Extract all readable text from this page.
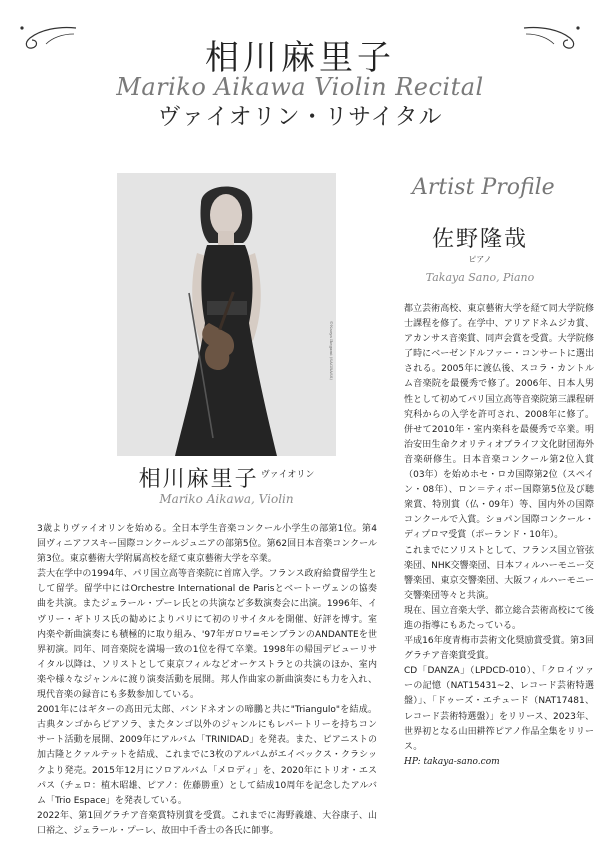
相川麻里子
Mariko Aikawa Violin Recital
ヴァイオリン・リサイタル
©Naoya Ikegami (SAGRASS)
相川麻里子 $^{ヴァイオリン}$
Mariko Aikawa, Violin
Artist Profile
佐野隆哉
ピアノ
Takaya Sano, Piano

都立芸術高校、東京藝術大学を経て同大学院修士課程を修了。在学中、アリアドネムジカ賞、アカンサス音楽賞、同声会賞を受賞。大学院修了時にベーゼンドルファー・コンサートに選出される。2005年に渡仏後、スコラ・カントルム音楽院を最優秀で修了。2006年、日本人男性として初めてパリ国立高等音楽院第三課程研究科からの入学を許可され、2008年に修了。併せて2010年・室内楽科を最優秀で卒業。明治安田生命クオリティオブライフ文化財団海外音楽研修生。日本音楽コンクール第2位入賞（03年）を始めホセ・ロカ国際第2位（スペイン・08年）、ロン＝ティボー国際第5位及び聴衆賞、特別賞（仏・09年）等、国内外の国際コンクールで入賞。ショパン国際コンクール・ディプロマ受賞（ポーランド・10年）。

これまでにソリストとして、フランス国立管弦楽団、NHK交響楽団、日本フィルハーモニー交響楽団、東京交響楽団、大阪フィルハーモニー交響楽団等々と共演。

現在、国立音楽大学、都立総合芸術高校にて後進の指導にもあたっている。

平成16年度青梅市芸術文化奨励賞受賞。第3回グラチア音楽賞受賞。

CD「DANZA」（LPDCD-010）、「クロイツァーの記憶（NAT15431~2、レコード芸術特選盤）」、「ドゥーズ・エチュード（NAT17481、レコード芸術特選盤）」をリリース、2023年、世界初となる山田耕筰ピアノ作品全集をリリース。

HP: takaya-sano.com

3歳よりヴァイオリンを始める。全日本学生音楽コンクール小学生の部第1位。第4回ヴィニアフスキー国際コンクールジュニアの部第5位。第62回日本音楽コンクール第3位。東京藝術大学附属高校を経て東京藝術大学を卒業。

芸大在学中の1994年、パリ国立高等音楽院に首席入学。フランス政府給費留学生として留学。留学中にはOrchestre International de Parisとベートーヴェンの協奏曲を共演。またジェラール・プーレ氏との共演など多数演奏会に出演。1996年、イヴリー・ギトリス氏の勧めによりパリにて初のリサイタルを開催、好評を博す。室内楽や新曲演奏にも積極的に取り組み、'97年ガロワ=モンブランのANDANTEを世界初演。同年、同音楽院を満場一致の1位を得て卒業。1998年の帰国デビューリサイタル以降は、ソリストとして東京フィルなどオーケストラとの共演のほか、室内楽や様々なジャンルに渡り演奏活動を展開。邦人作曲家の新曲演奏にも力を入れ、現代音楽の録音にも多数参加している。

2001年にはギターの高田元太郎、バンドネオンの啼鵬と共に"Triangulo"を結成。古典タンゴからピアソラ、またタンゴ以外のジャンルにもレパートリーを持ちコンサート活動を展開、2009年にアルバム「TRINIDAD」を発表。また、ピアニストの加古隆とクァルテットを結成、これまでに3枚のアルバムがエイベックス・クラシックより発売。2015年12月にソロアルバム「メロディ」を、2020年にトリオ・エスパス（チェロ：植木昭雄、ピアノ：佐藤勝重）として結成10周年を記念したアルバム「Trio Espace」を発表している。

2022年、第1回グラチア音楽賞特別賞を受賞。これまでに海野義雄、大谷康子、山口裕之、ジェラール・プーレ、故田中千香士の各氏に師事。
